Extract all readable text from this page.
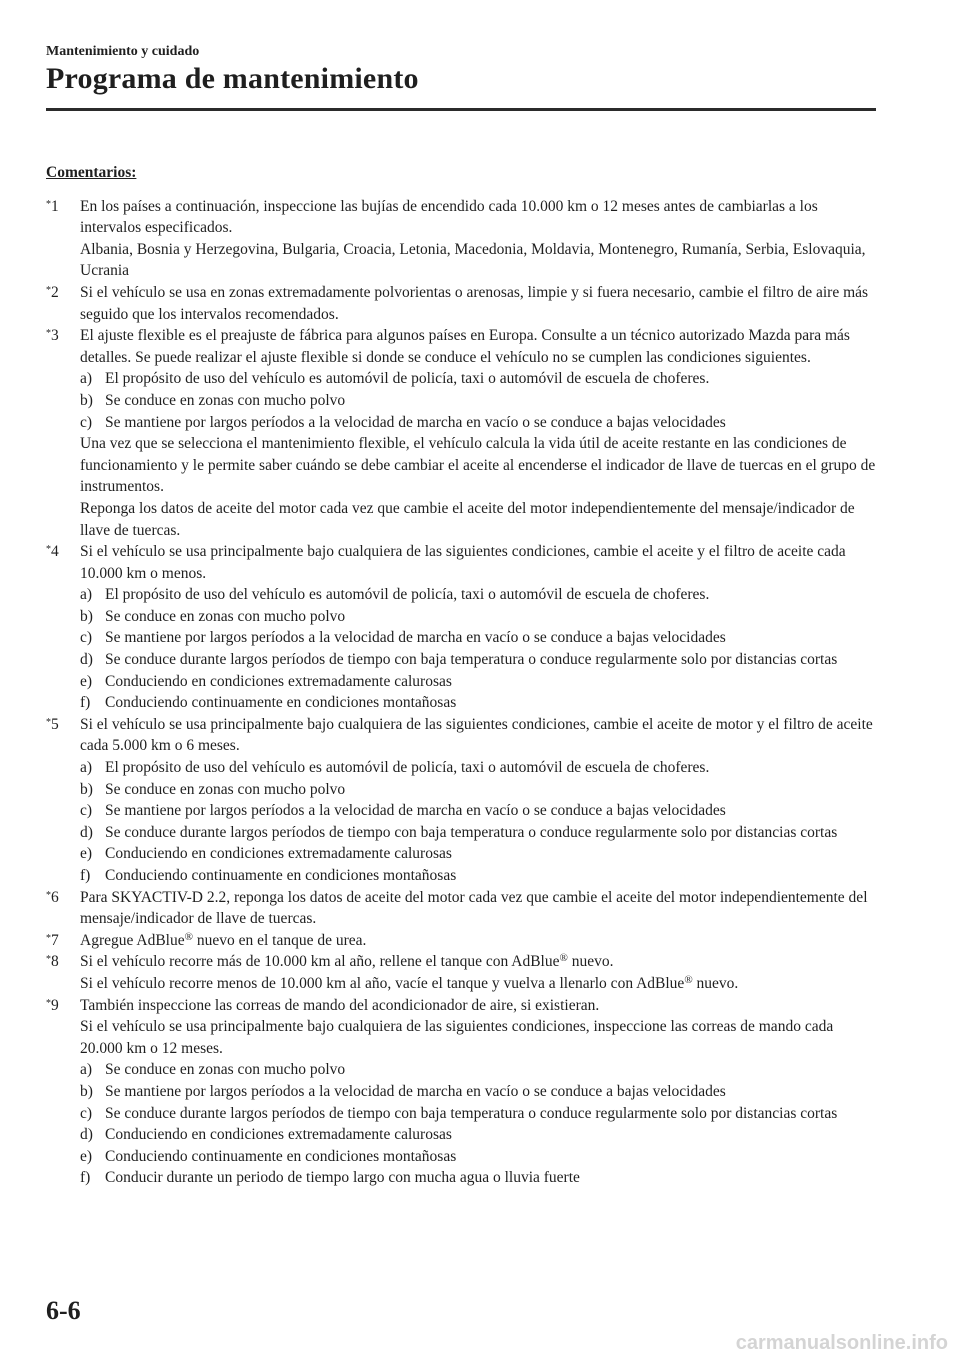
Mantenimiento y cuidado
Programa de mantenimiento
Comentarios:
*1	En los países a continuación, inspeccione las bujías de encendido cada 10.000 km o 12 meses antes de cambiarlas a los intervalos especificados.
Albania, Bosnia y Herzegovina, Bulgaria, Croacia, Letonia, Macedonia, Moldavia, Montenegro, Rumanía, Serbia, Eslovaquia, Ucrania
*2	Si el vehículo se usa en zonas extremadamente polvorientas o arenosas, limpie y si fuera necesario, cambie el filtro de aire más seguido que los intervalos recomendados.
*3	El ajuste flexible es el preajuste de fábrica para algunos países en Europa. Consulte a un técnico autorizado Mazda para más detalles. Se puede realizar el ajuste flexible si donde se conduce el vehículo no se cumplen las condiciones siguientes.
a) El propósito de uso del vehículo es automóvil de policía, taxi o automóvil de escuela de choferes.
b) Se conduce en zonas con mucho polvo
c) Se mantiene por largos períodos a la velocidad de marcha en vacío o se conduce a bajas velocidades
Una vez que se selecciona el mantenimiento flexible, el vehículo calcula la vida útil de aceite restante en las condiciones de funcionamiento y le permite saber cuándo se debe cambiar el aceite al encenderse el indicador de llave de tuercas en el grupo de instrumentos.
Reponga los datos de aceite del motor cada vez que cambie el aceite del motor independientemente del mensaje/indicador de llave de tuercas.
*4	Si el vehículo se usa principalmente bajo cualquiera de las siguientes condiciones, cambie el aceite y el filtro de aceite cada 10.000 km o menos.
a) El propósito de uso del vehículo es automóvil de policía, taxi o automóvil de escuela de choferes.
b) Se conduce en zonas con mucho polvo
c) Se mantiene por largos períodos a la velocidad de marcha en vacío o se conduce a bajas velocidades
d) Se conduce durante largos períodos de tiempo con baja temperatura o conduce regularmente solo por distancias cortas
e) Conduciendo en condiciones extremadamente calurosas
f) Conduciendo continuamente en condiciones montañosas
*5	Si el vehículo se usa principalmente bajo cualquiera de las siguientes condiciones, cambie el aceite de motor y el filtro de aceite cada 5.000 km o 6 meses.
a) El propósito de uso del vehículo es automóvil de policía, taxi o automóvil de escuela de choferes.
b) Se conduce en zonas con mucho polvo
c) Se mantiene por largos períodos a la velocidad de marcha en vacío o se conduce a bajas velocidades
d) Se conduce durante largos períodos de tiempo con baja temperatura o conduce regularmente solo por distancias cortas
e) Conduciendo en condiciones extremadamente calurosas
f) Conduciendo continuamente en condiciones montañosas
*6	Para SKYACTIV-D 2.2, reponga los datos de aceite del motor cada vez que cambie el aceite del motor independientemente del mensaje/indicador de llave de tuercas.
*7	Agregue AdBlue® nuevo en el tanque de urea.
*8	Si el vehículo recorre más de 10.000 km al año, rellene el tanque con AdBlue® nuevo.
Si el vehículo recorre menos de 10.000 km al año, vacíe el tanque y vuelva a llenarlo con AdBlue® nuevo.
*9	También inspeccione las correas de mando del acondicionador de aire, si existieran.
Si el vehículo se usa principalmente bajo cualquiera de las siguientes condiciones, inspeccione las correas de mando cada 20.000 km o 12 meses.
a) Se conduce en zonas con mucho polvo
b) Se mantiene por largos períodos a la velocidad de marcha en vacío o se conduce a bajas velocidades
c) Se conduce durante largos períodos de tiempo con baja temperatura o conduce regularmente solo por distancias cortas
d) Conduciendo en condiciones extremadamente calurosas
e) Conduciendo continuamente en condiciones montañosas
f) Conducir durante un periodo de tiempo largo con mucha agua o lluvia fuerte
6-6
carmanualsonline.info
